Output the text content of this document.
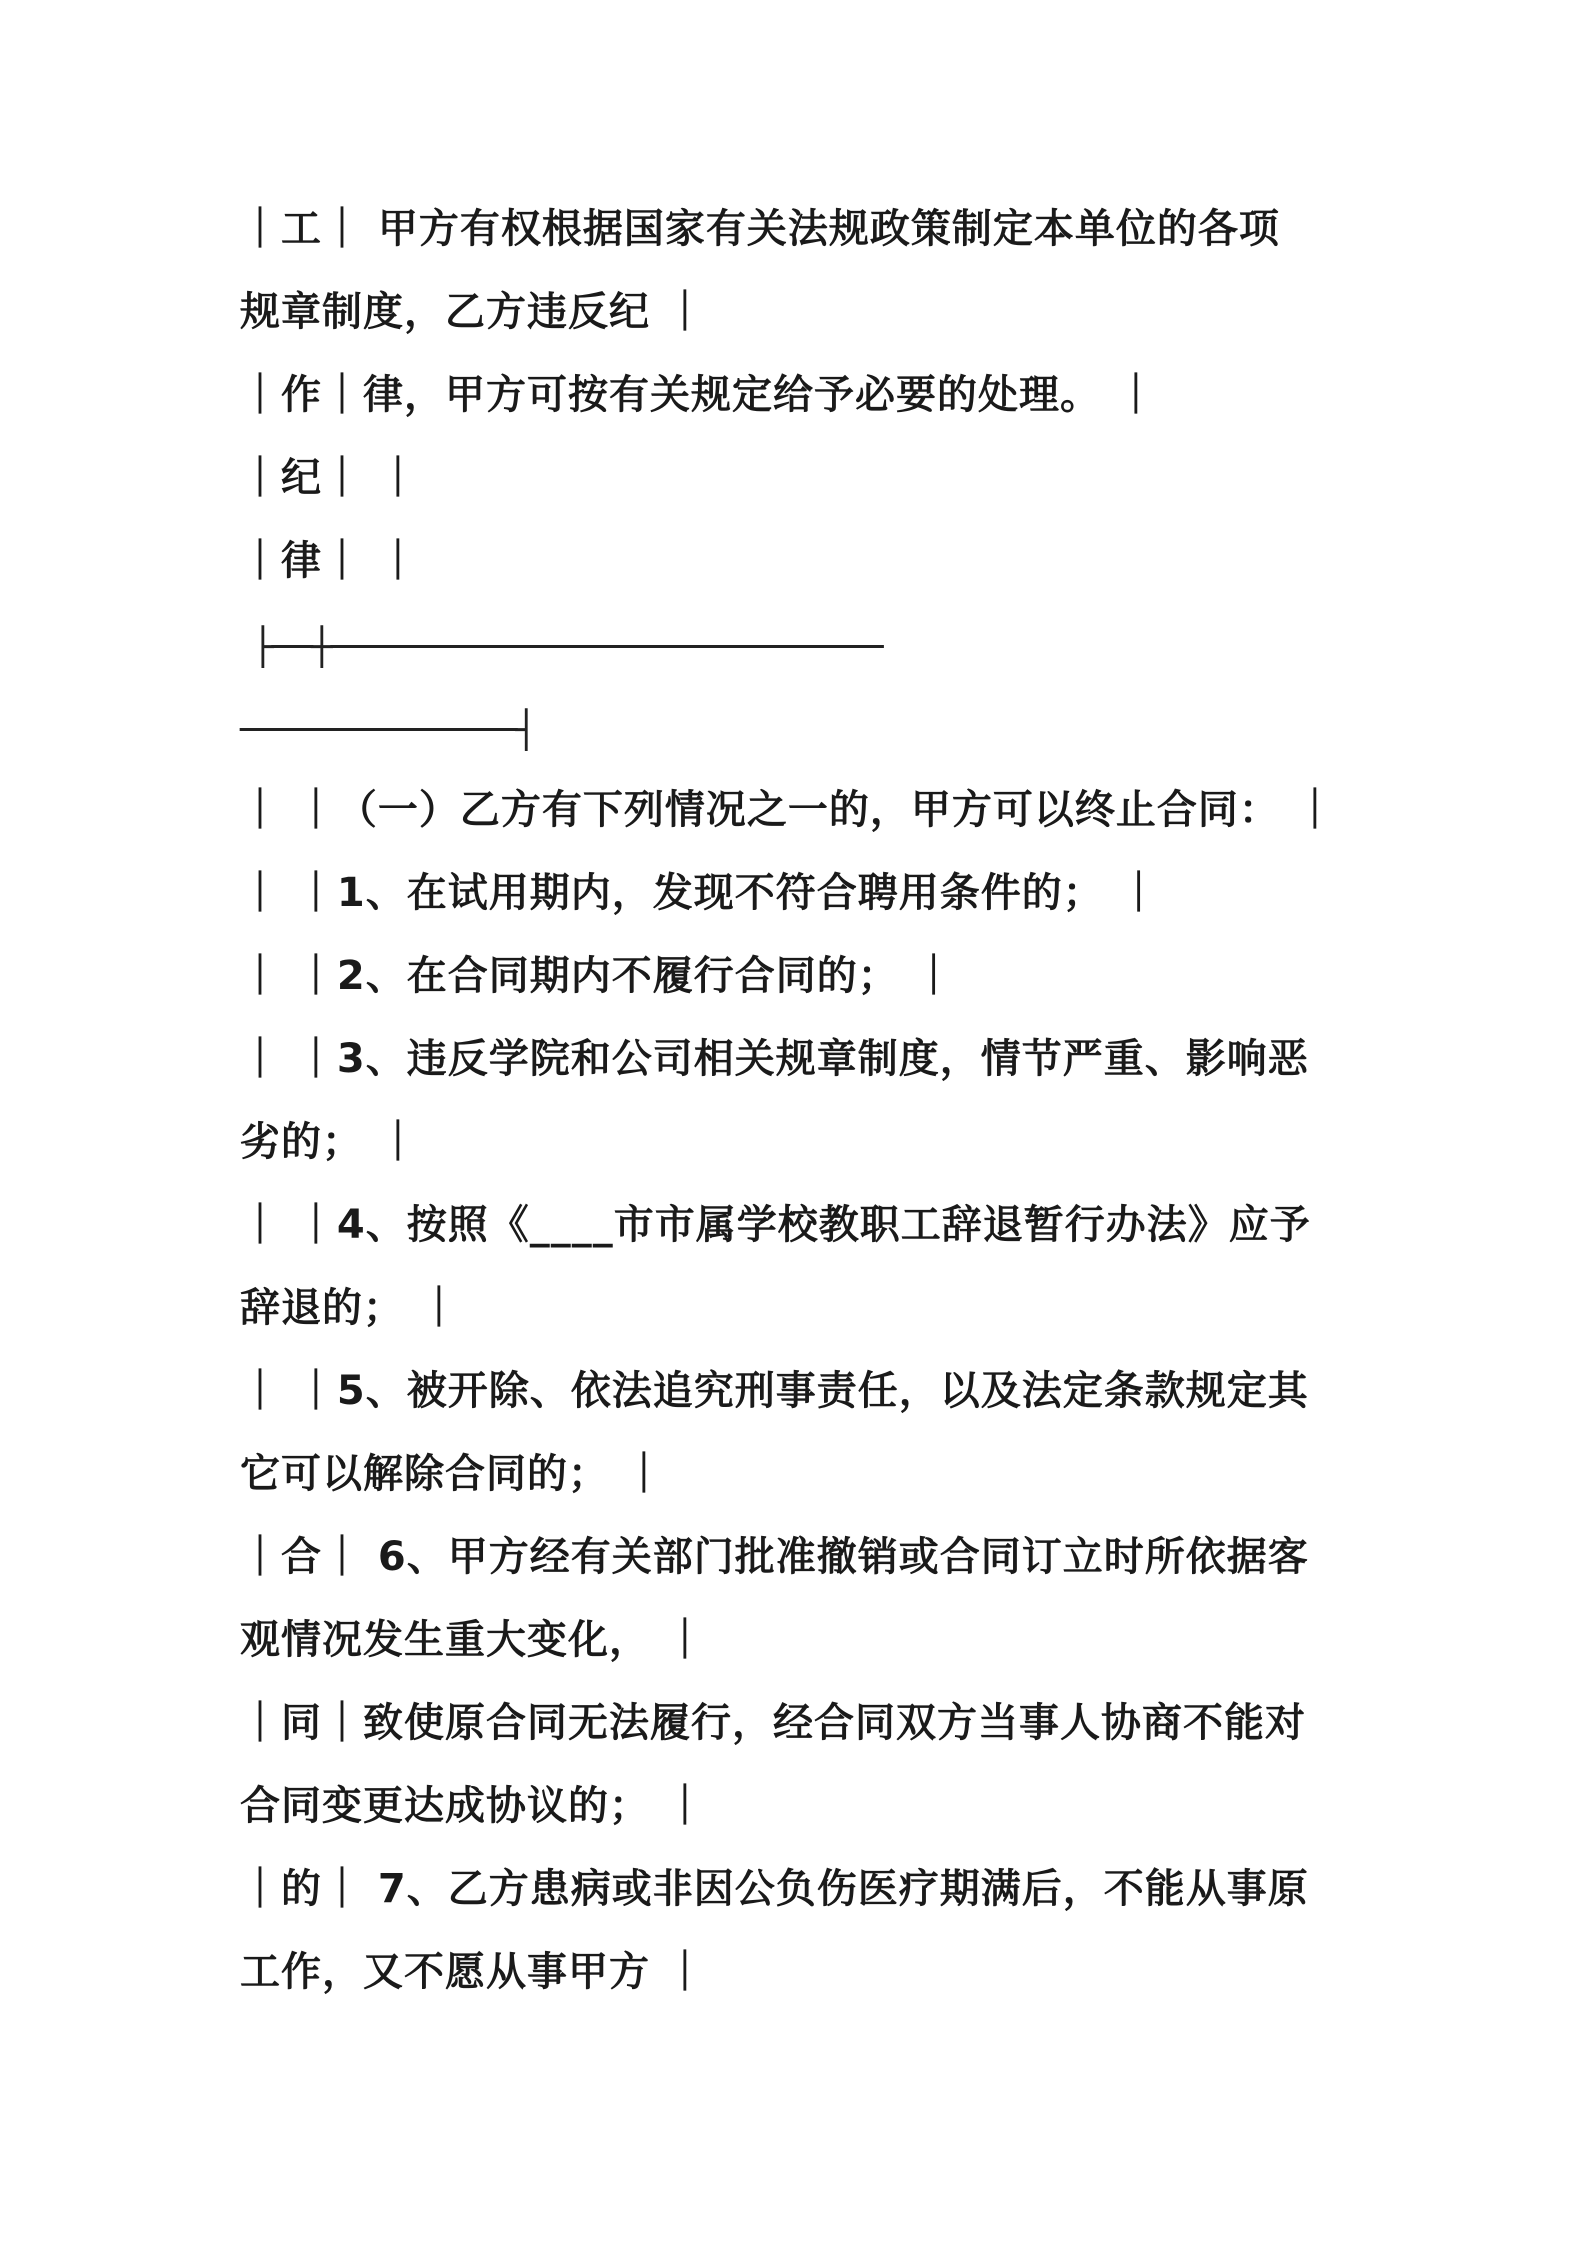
｜工｜ 甲方有权根据国家有关法规政策制定本单位的各项
规章制度，乙方违反纪 ｜
｜作｜律，甲方可按有关规定给予必要的处理。 ｜
｜纪｜ ｜
｜律｜ ｜
├──┼────────────────────────────
──────────────┤
｜ ｜（一）乙方有下列情况之一的，甲方可以终止合同： ｜
｜ ｜1、在试用期内，发现不符合聘用条件的； ｜
｜ ｜2、在合同期内不履行合同的； ｜
｜ ｜3、违反学院和公司相关规章制度，情节严重、影响恶
劣的； ｜
｜ ｜4、按照《____市市属学校教职工辞退暂行办法》应予
辞退的； ｜
｜ ｜5、被开除、依法追究刑事责任，以及法定条款规定其
它可以解除合同的； ｜
｜合｜ 6、甲方经有关部门批准撤销或合同订立时所依据客
观情况发生重大变化， ｜
｜同｜致使原合同无法履行，经合同双方当事人协商不能对
合同变更达成协议的； ｜
｜的｜ 7、乙方患病或非因公负伤医疗期满后，不能从事原
工作，又不愿从事甲方 ｜
